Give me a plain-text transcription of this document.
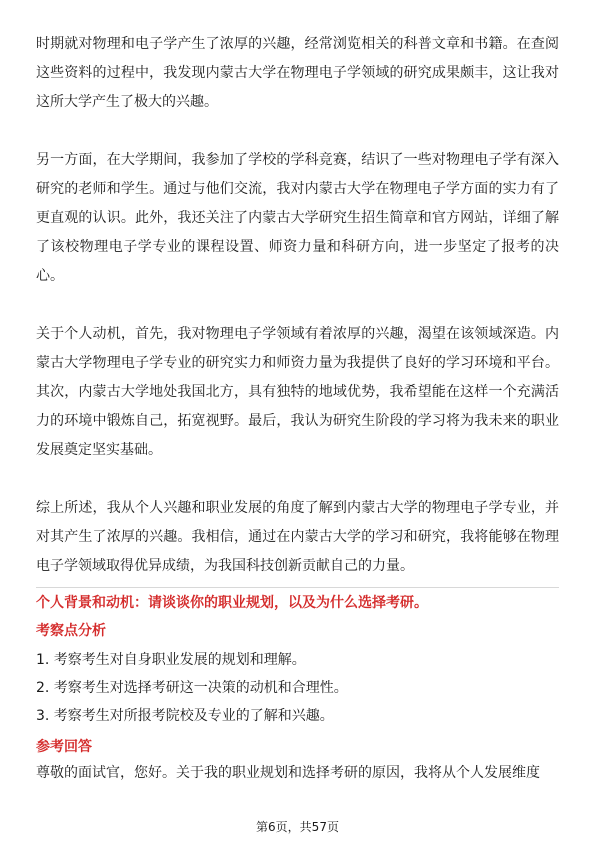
时期就对物理和电子学产生了浓厚的兴趣，经常浏览相关的科普文章和书籍。在查阅这些资料的过程中，我发现内蒙古大学在物理电子学领域的研究成果颇丰，这让我对这所大学产生了极大的兴趣。

另一方面，在大学期间，我参加了学校的学科竞赛，结识了一些对物理电子学有深入研究的老师和学生。通过与他们交流，我对内蒙古大学在物理电子学方面的实力有了更直观的认识。此外，我还关注了内蒙古大学研究生招生简章和官方网站，详细了解了该校物理电子学专业的课程设置、师资力量和科研方向，进一步坚定了报考的决心。

关于个人动机，首先，我对物理电子学领域有着浓厚的兴趣，渴望在该领域深造。内蒙古大学物理电子学专业的研究实力和师资力量为我提供了良好的学习环境和平台。其次，内蒙古大学地处我国北方，具有独特的地域优势，我希望能在这样一个充满活力的环境中锻炼自己，拓宽视野。最后，我认为研究生阶段的学习将为我未来的职业发展奠定坚实基础。

综上所述，我从个人兴趣和职业发展的角度了解到内蒙古大学的物理电子学专业，并对其产生了浓厚的兴趣。我相信，通过在内蒙古大学的学习和研究，我将能够在物理电子学领域取得优异成绩，为我国科技创新贡献自己的力量。

个人背景和动机：请谈谈你的职业规划，以及为什么选择考研。

考察点分析

1. 考察考生对自身职业发展的规划和理解。

2. 考察考生对选择考研这一决策的动机和合理性。

3. 考察考生对所报考院校及专业的了解和兴趣。

参考回答

尊敬的面试官，您好。关于我的职业规划和选择考研的原因，我将从个人发展维度

第6页，共57页
